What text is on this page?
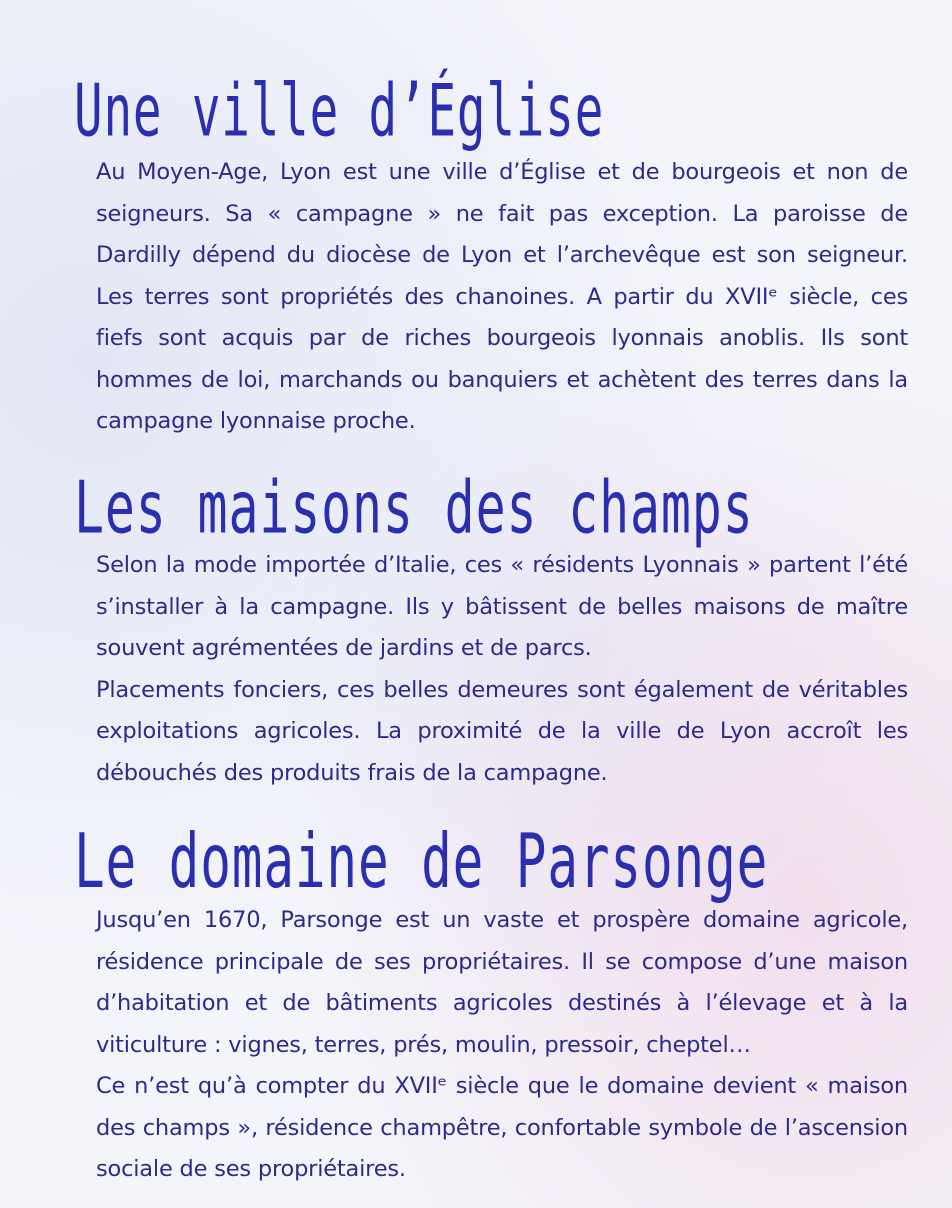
Une ville d’Église

Au Moyen-Age, Lyon est une ville d’Église et de bourgeois et non de seigneurs. Sa « campagne » ne fait pas exception. La paroisse de Dardilly dépend du diocèse de Lyon et l’archevêque est son seigneur. Les terres sont propriétés des chanoines. A partir du XVIIᵉ siècle, ces fiefs sont acquis par de riches bourgeois lyonnais anoblis. Ils sont hommes de loi, marchands ou banquiers et achètent des terres dans la campagne lyonnaise proche.

Les maisons des champs
Selon la mode importée d’Italie, ces « résidents Lyonnais » partent l’été s’installer à la campagne. Ils y bâtissent de belles maisons de maître souvent agrémentées de jardins et de parcs.
Placements fonciers, ces belles demeures sont également de véritables exploitations agricoles. La proximité de la ville de Lyon accroît les débouchés des produits frais de la campagne.
Le domaine de Parsonge
Jusqu’en 1670, Parsonge est un vaste et prospère domaine agricole, résidence principale de ses propriétaires. Il se compose d’une maison d’habitation et de bâtiments agricoles destinés à l’élevage et à la viticulture : vignes, terres, prés, moulin, pressoir, cheptel…
Ce n’est qu’à compter du XVIIᵉ siècle que le domaine devient « maison des champs », résidence champêtre, confortable symbole de l’ascension sociale de ses propriétaires.
